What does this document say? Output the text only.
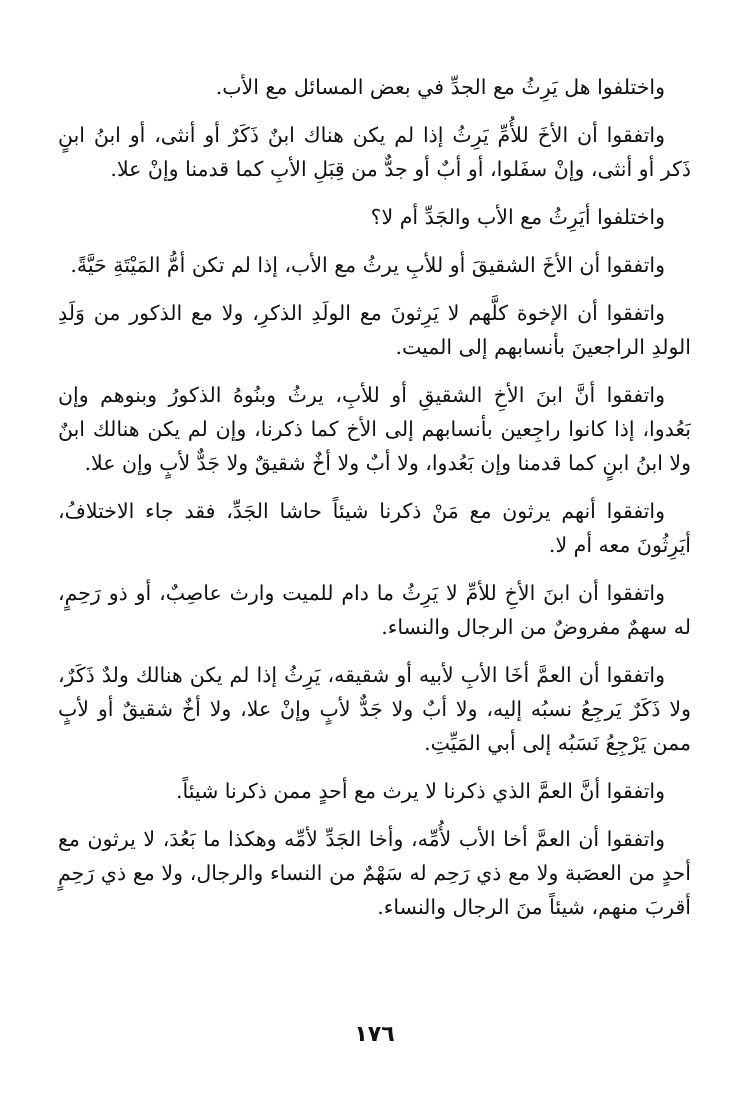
واختلفوا هل يَرِثُ مع الجدِّ في بعض المسائل مع الأب.

واتفقوا أن الأخَ للأُمِّ يَرِثُ إذا لم يكن هناك ابنٌ ذَكَرٌ أو أنثى، أو ابنُ ابنٍ ذَكر أو أنثى، وإنْ سفَلوا، أو أبٌ أو جدٌّ من قِبَلِ الأبِ كما قدمنا وإنْ علا.

واختلفوا أيَرِثُ مع الأب والجَدِّ أم لا؟

واتفقوا أن الأخَ الشقيقَ أو للأبِ يرثُ مع الأب، إذا لم تكن أمُّ المَيْتَةِ حَيَّةً.

واتفقوا أن الإخوة كلَّهم لا يَرِثونَ مع الولَدِ الذكرِ، ولا مع الذكور من وَلَدِ الولدِ الراجعينَ بأنسابهم إلى الميت.

واتفقوا أنَّ ابنَ الأخِ الشقيقِ أو للأبِ، يرثُ وبنُوهُ الذكورُ وبنوهم وإن بَعُدوا، إذا كانوا راجِعين بأنسابهم إلى الأخ كما ذكرنا، وإن لم يكن هنالك ابنٌ ولا ابنُ ابنٍ كما قدمنا وإن بَعُدوا، ولا أبٌ ولا أخٌ شقيقٌ ولا جَدٌّ لأبٍ وإن علا.

واتفقوا أنهم يرثون مع مَنْ ذكرنا شيئاً حاشا الجَدِّ، فقد جاء الاختلافُ، أيَرِثُونَ معه أم لا.

واتفقوا أن ابنَ الأخِ للأمِّ لا يَرِثُ ما دام للميت وارث عاصِبٌ، أو ذو رَحِمٍ، له سهمٌ مفروضٌ من الرجال والنساء.

واتفقوا أن العمَّ أخَا الأبِ لأبيه أو شقيقه، يَرِثُ إذا لم يكن هنالك ولدٌ ذَكَرٌ، ولا ذَكَرٌ يَرجِعُ نسبُه إليه، ولا أبٌ ولا جَدٌّ لأبٍ وإنْ علا، ولا أخٌ شقيقٌ أو لأبٍ ممن يَرْجِعُ نَسَبُه إلى أبي المَيِّتِ.

واتفقوا أنَّ العمَّ الذي ذكرنا لا يرث مع أحدٍ ممن ذكرنا شيئاً.

واتفقوا أن العمَّ أخا الأب لأُمِّه، وأخا الجَدِّ لأمِّه وهكذا ما بَعُدَ، لا يرثون مع أحدٍ من العصَبة ولا مع ذي رَحِم له سَهْمٌ من النساء والرجال، ولا مع ذي رَحِمٍ أقربَ منهم، شيئاً منَ الرجال والنساء.

١٧٦
